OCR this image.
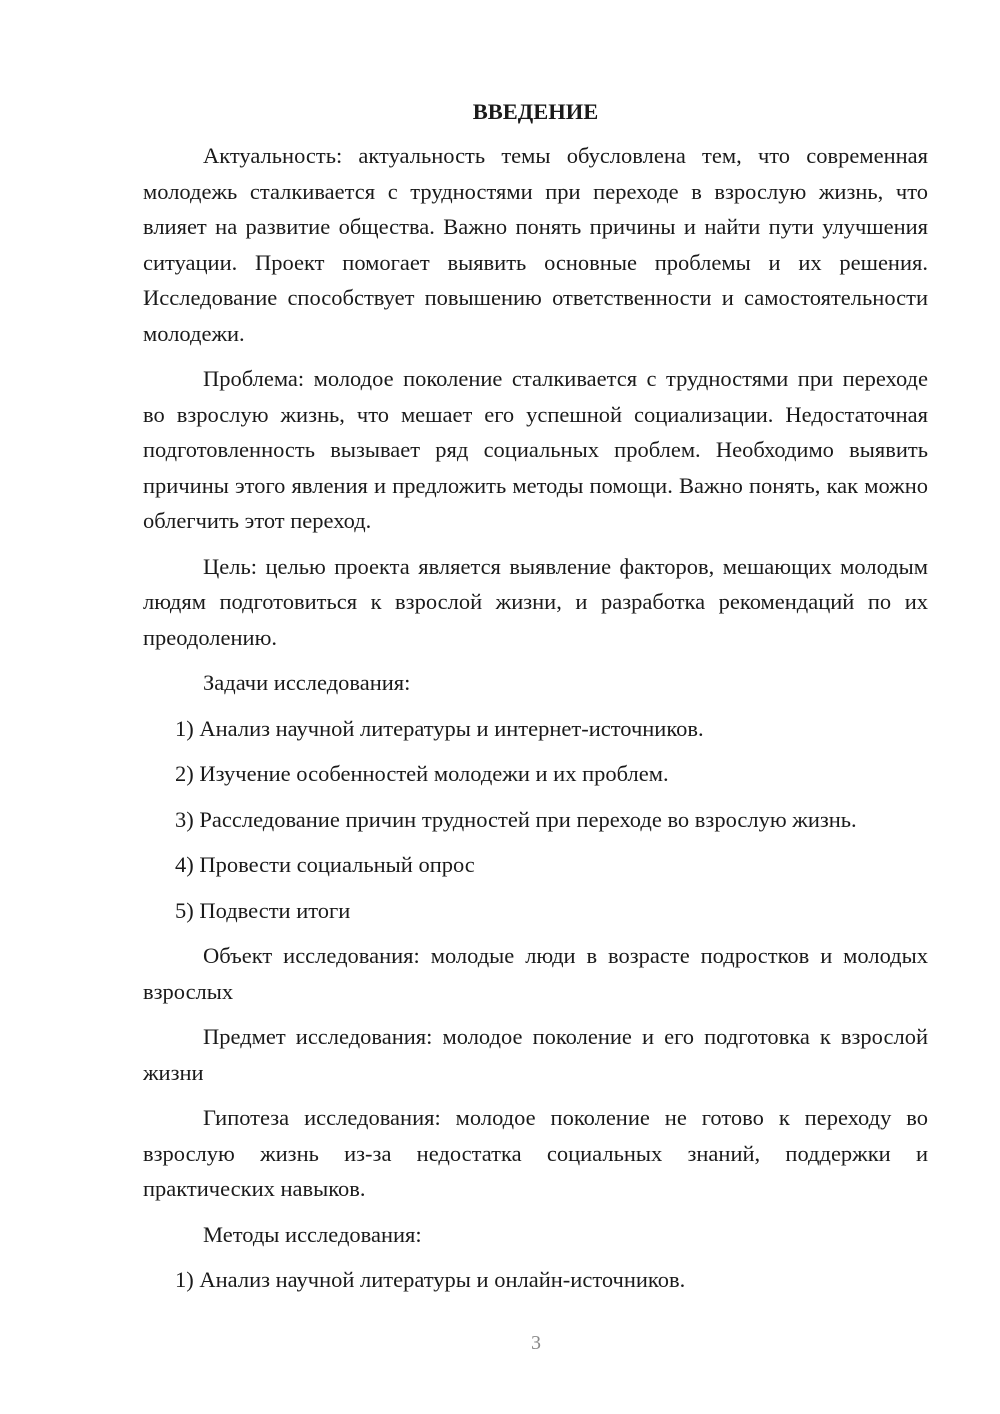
ВВЕДЕНИЕ
Актуальность: актуальность темы обусловлена тем, что современная молодежь сталкивается с трудностями при переходе в взрослую жизнь, что влияет на развитие общества. Важно понять причины и найти пути улучшения ситуации. Проект помогает выявить основные проблемы и их решения. Исследование способствует повышению ответственности и самостоятельности молодежи.
Проблема: молодое поколение сталкивается с трудностями при переходе во взрослую жизнь, что мешает его успешной социализации. Недостаточная подготовленность вызывает ряд социальных проблем. Необходимо выявить причины этого явления и предложить методы помощи. Важно понять, как можно облегчить этот переход.
Цель: целью проекта является выявление факторов, мешающих молодым людям подготовиться к взрослой жизни, и разработка рекомендаций по их преодолению.
Задачи исследования:
1) Анализ научной литературы и интернет-источников.
2) Изучение особенностей молодежи и их проблем.
3) Расследование причин трудностей при переходе во взрослую жизнь.
4) Провести социальный опрос
5) Подвести итоги
Объект исследования: молодые люди в возрасте подростков и молодых взрослых
Предмет исследования: молодое поколение и его подготовка к взрослой жизни
Гипотеза исследования: молодое поколение не готово к переходу во взрослую жизнь из-за недостатка социальных знаний, поддержки и практических навыков.
Методы исследования:
1) Анализ научной литературы и онлайн-источников.
3
